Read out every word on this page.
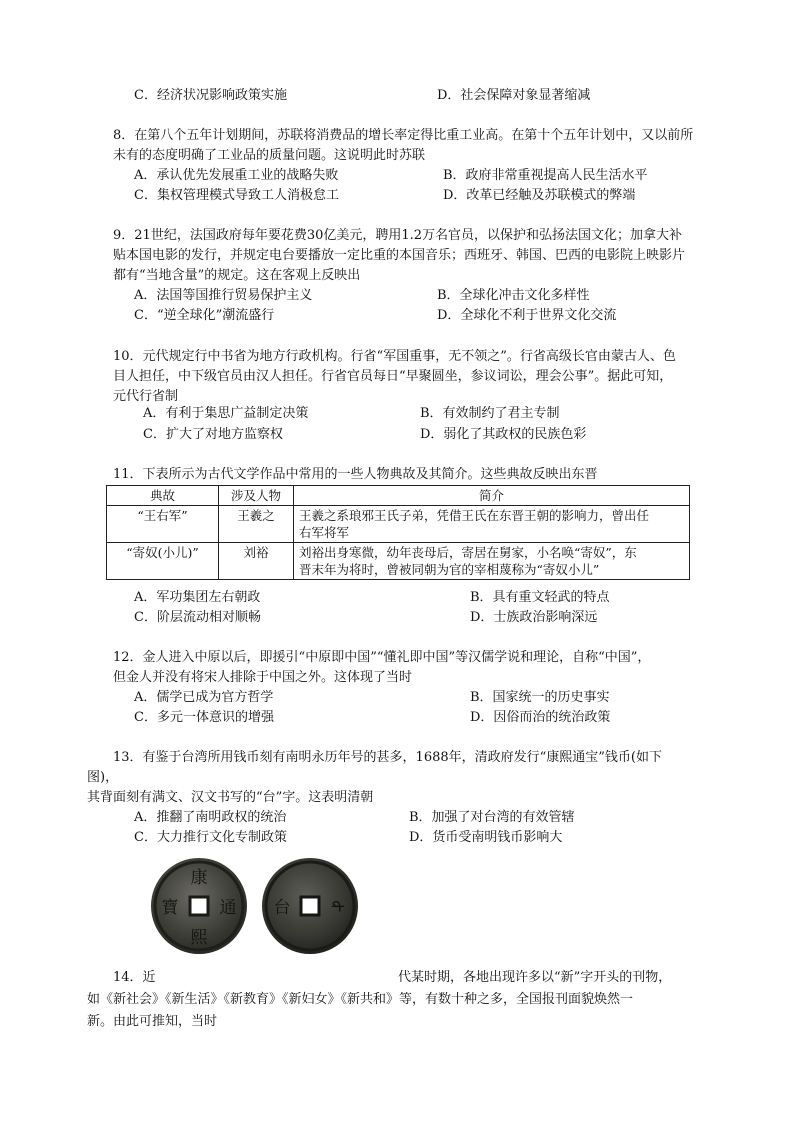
C．经济状况影响政策实施	D．社会保障对象显著缩减
8．在第八个五年计划期间，苏联将消费品的增长率定得比重工业高。在第十个五年计划中，又以前所
未有的态度明确了工业品的质量问题。这说明此时苏联
A．承认优先发展重工业的战略失败	B．政府非常重视提高人民生活水平
C．集权管理模式导致工人消极怠工	D．改革已经触及苏联模式的弊端
9．21世纪，法国政府每年要花费30亿美元，聘用1.2万名官员，以保护和弘扬法国文化；加拿大补
贴本国电影的发行，并规定电台要播放一定比重的本国音乐；西班牙、韩国、巴西的电影院上映影片
都有“当地含量”的规定。这在客观上反映出
A．法国等国推行贸易保护主义	B．全球化冲击文化多样性
C．“逆全球化”潮流盛行	D．全球化不利于世界文化交流
10．元代规定行中书省为地方行政机构。行省“军国重事，无不领之”。行省高级长官由蒙古人、色
目人担任，中下级官员由汉人担任。行省官员每日“早聚圆坐，参议词讼，理会公事”。据此可知，
元代行省制
A．有利于集思广益制定决策	B．有效制约了君主专制
C．扩大了对地方监察权	D．弱化了其政权的民族色彩
11．下表所示为古代文学作品中常用的一些人物典故及其简介。这些典故反映出东晋
典故	涉及人物	简介
“王右军”	王羲之	王羲之系琅邪王氏子弟，凭借王氏在东晋王朝的影响力，曾出任
右军将军

“寄奴(小儿)”	刘裕	刘裕出身寒微，幼年丧母后，寄居在舅家，小名唤“寄奴”，东
晋末年为将时，曾被同朝为官的宰相蔑称为“寄奴小儿”
A．军功集团左右朝政	B．具有重文轻武的特点
C．阶层流动相对顺畅	D．士族政治影响深远
12．金人进入中原以后，即援引“中原即中国”“懂礼即中国”等汉儒学说和理论，自称“中国”，
但金人并没有将宋人排除于中国之外。这体现了当时
A．儒学已成为官方哲学	B．国家统一的历史事实
C．多元一体意识的增强	D．因俗而治的统治政策
13．有鉴于台湾所用钱币刻有南明永历年号的甚多，1688年，清政府发行“康熙通宝”钱币(如下
图)，
其背面刻有满文、汉文书写的“台”字。这表明清朝
A．推翻了南明政权的统治	B．加强了对台湾的有效管辖
C．大力推行文化专制政策	D．货币受南明钱币影响大
康
熙
寶 通 台 ᡨ
14．近	代某时期，各地出现许多以“新”字开头的刊物，
如《新社会》《新生活》《新教育》《新妇女》《新共和》等，有数十种之多，全国报刊面貌焕然一
新。由此可推知，当时
